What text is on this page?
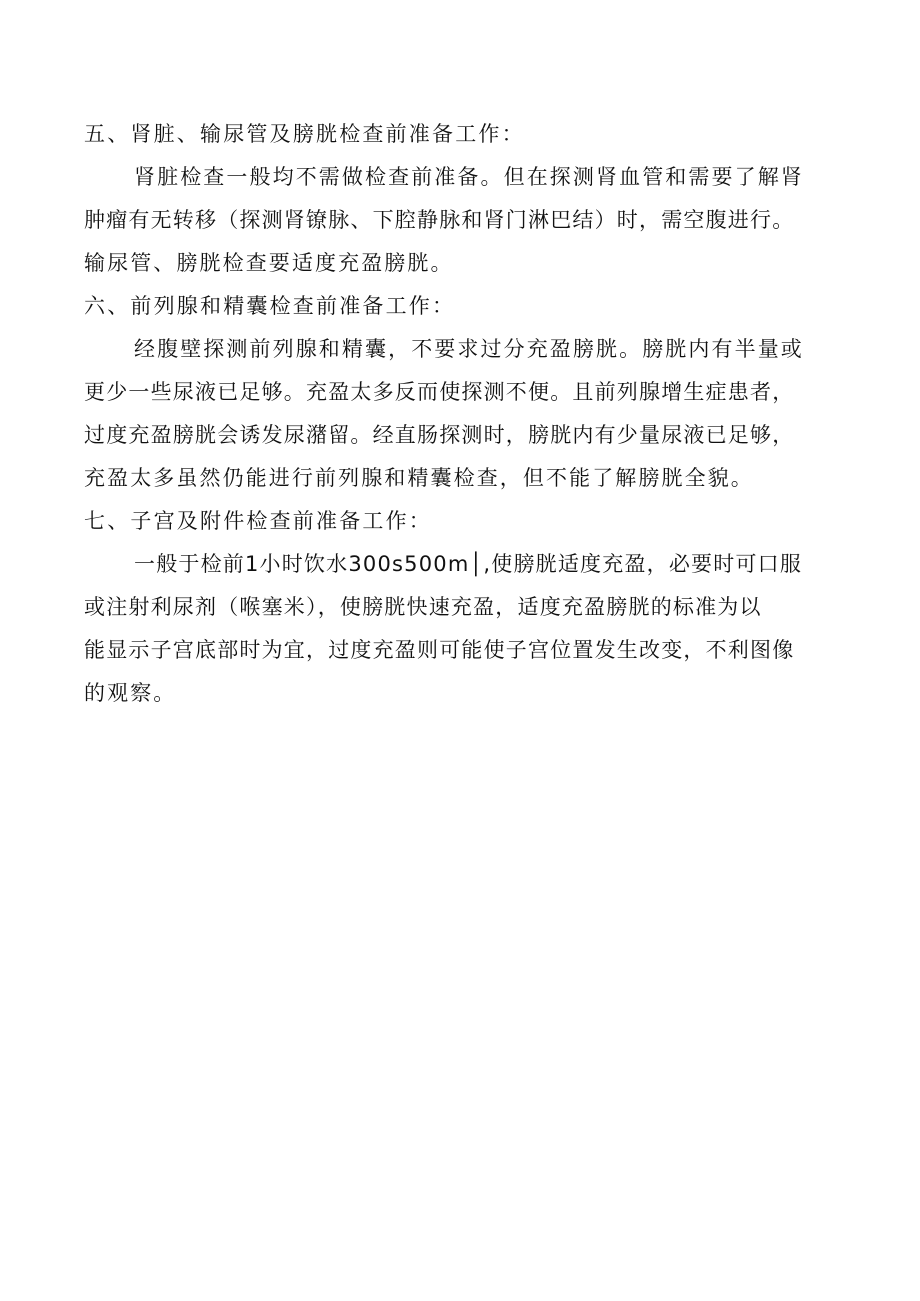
五、肾脏、输尿管及膀胱检查前准备工作：
肾脏检查一般均不需做检查前准备。但在探测肾血管和需要了解肾
肿瘤有无转移（探测肾镣脉、下腔静脉和肾门淋巴结）时，需空腹进行。
输尿管、膀胱检查要适度充盈膀胱。
六、前列腺和精囊检查前准备工作：
经腹壁探测前列腺和精囊，不要求过分充盈膀胱。膀胱内有半量或
更少一些尿液已足够。充盈太多反而使探测不便。且前列腺增生症患者，
过度充盈膀胱会诱发尿潴留。经直肠探测时，膀胱内有少量尿液已足够，
充盈太多虽然仍能进行前列腺和精囊检查，但不能了解膀胱全貌。
七、子宫及附件检查前准备工作：
一般于检前1小时饮水300s500m│,使膀胱适度充盈，必要时可口服
或注射利尿剂（喉塞米），使膀胱快速充盈，适度充盈膀胱的标准为以
能显示子宫底部时为宜，过度充盈则可能使子宫位置发生改变，不利图像
的观察。
